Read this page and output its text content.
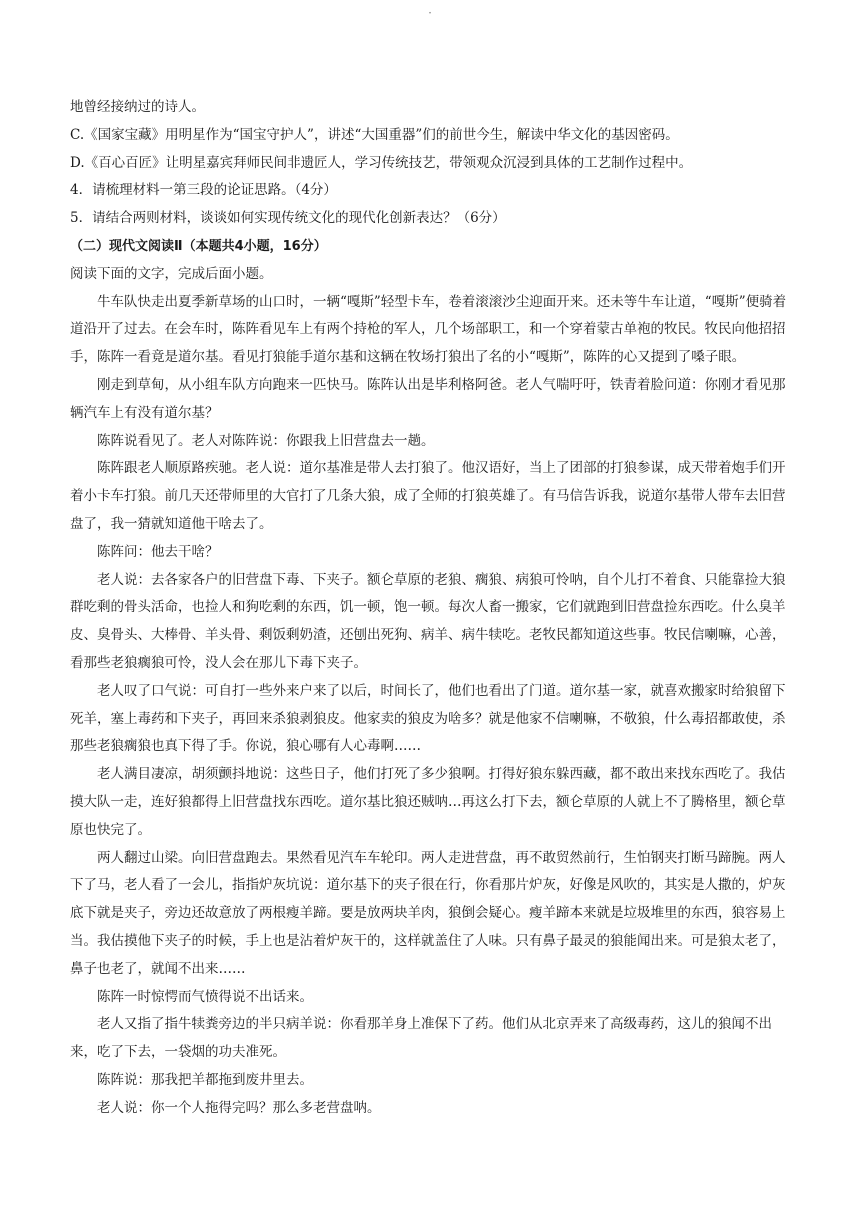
·

地曾经接纳过的诗人。

C.《国家宝藏》用明星作为“国宝守护人”，讲述“大国重器”们的前世今生，解读中华文化的基因密码。

D.《百心百匠》让明星嘉宾拜师民间非遗匠人，学习传统技艺，带领观众沉浸到具体的工艺制作过程中。

4．请梳理材料一第三段的论证思路。（4分）

5．请结合两则材料，谈谈如何实现传统文化的现代化创新表达？（6分）

（二）现代文阅读Ⅱ（本题共4小题，16分）

阅读下面的文字，完成后面小题。

牛车队快走出夏季新草场的山口时，一辆“嘎斯”轻型卡车，卷着滚滚沙尘迎面开来。还未等牛车让道，“嘎斯”便骑着道沿开了过去。在会车时，陈阵看见车上有两个持枪的军人，几个场部职工，和一个穿着蒙古单袍的牧民。牧民向他招招手，陈阵一看竟是道尔基。看见打狼能手道尔基和这辆在牧场打狼出了名的小“嘎斯”，陈阵的心又提到了嗓子眼。

刚走到草甸，从小组车队方向跑来一匹快马。陈阵认出是毕利格阿爸。老人气喘吁吁，铁青着脸问道：你刚才看见那辆汽车上有没有道尔基？

陈阵说看见了。老人对陈阵说：你跟我上旧营盘去一趟。

陈阵跟老人顺原路疾驰。老人说：道尔基准是带人去打狼了。他汉语好，当上了团部的打狼参谋，成天带着炮手们开着小卡车打狼。前几天还带师里的大官打了几条大狼，成了全师的打狼英雄了。有马信告诉我，说道尔基带人带车去旧营盘了，我一猜就知道他干啥去了。

陈阵问：他去干啥？

老人说：去各家各户的旧营盘下毒、下夹子。额仑草原的老狼、瘸狼、病狼可怜呐，自个儿打不着食、只能靠捡大狼群吃剩的骨头活命，也捡人和狗吃剩的东西，饥一顿，饱一顿。每次人畜一搬家，它们就跑到旧营盘捡东西吃。什么臭羊皮、臭骨头、大棒骨、羊头骨、剩饭剩奶渣，还刨出死狗、病羊、病牛犊吃。老牧民都知道这些事。牧民信喇嘛，心善，看那些老狼瘸狼可怜，没人会在那儿下毒下夹子。

老人叹了口气说：可自打一些外来户来了以后，时间长了，他们也看出了门道。道尔基一家，就喜欢搬家时给狼留下死羊，塞上毒药和下夹子，再回来杀狼剥狼皮。他家卖的狼皮为啥多？就是他家不信喇嘛，不敬狼，什么毒招都敢使，杀那些老狼瘸狼也真下得了手。你说，狼心哪有人心毒啊……

老人满目凄凉，胡须颤抖地说：这些日子，他们打死了多少狼啊。打得好狼东躲西藏，都不敢出来找东西吃了。我估摸大队一走，连好狼都得上旧营盘找东西吃。道尔基比狼还贼呐…再这么打下去，额仑草原的人就上不了腾格里，额仑草原也快完了。

两人翻过山梁。向旧营盘跑去。果然看见汽车车轮印。两人走进营盘，再不敢贸然前行，生怕钢夹打断马蹄腕。两人下了马，老人看了一会儿，指指炉灰坑说：道尔基下的夹子很在行，你看那片炉灰，好像是风吹的，其实是人撒的，炉灰底下就是夹子，旁边还故意放了两根瘦羊蹄。要是放两块羊肉，狼倒会疑心。瘦羊蹄本来就是垃圾堆里的东西，狼容易上当。我估摸他下夹子的时候，手上也是沾着炉灰干的，这样就盖住了人味。只有鼻子最灵的狼能闻出来。可是狼太老了，鼻子也老了，就闻不出来……

陈阵一时惊愕而气愤得说不出话来。

老人又指了指牛犊粪旁边的半只病羊说：你看那羊身上准保下了药。他们从北京弄来了高级毒药，这儿的狼闻不出来，吃了下去，一袋烟的功夫准死。

陈阵说：那我把羊都拖到废井里去。

老人说：你一个人拖得完吗？那么多老营盘呐。
